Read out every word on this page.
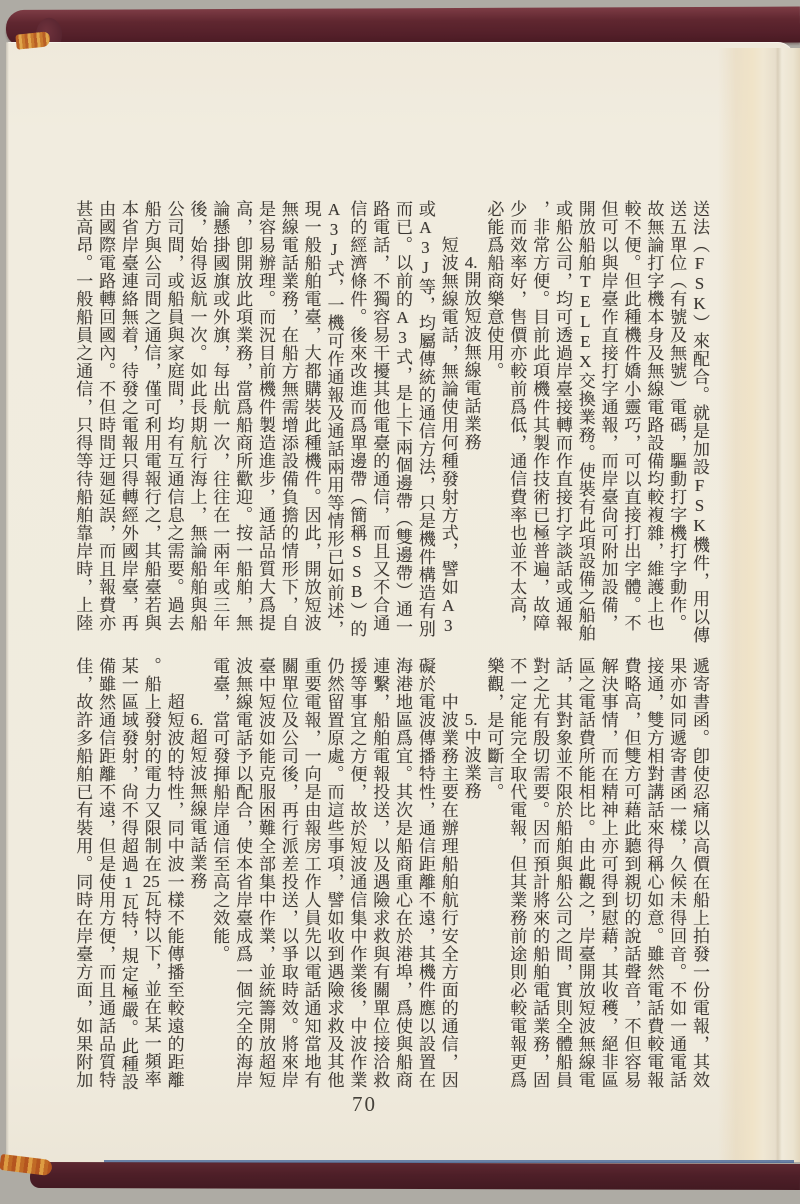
送法（FSK）來配合。就是加設FSK機件，用以傳
送五單位（有號及無號）電碼，驅動打字機打字動作。
故無論打字機本身及無線電路設備均較複雜，維護上也
較不便。但此種機件嬌小靈巧，可以直接打出字體。不
但可以與岸臺作直接打字通報，而岸臺尙可附加設備，
開放船舶TELEX交換業務。使裝有此項設備之船舶
或船公司，均可透過岸臺接轉而作直接打字談話或通報
，非常方便。目前此項機件其製作技術已極普遍，故障
少而效率好，售價亦較前爲低，通信費率也並不太高，
必能爲船商樂意使用。
4.開放短波無線電話業務
短波無線電話，無論使用何種發射方式，譬如A3
或A3J等，均屬傳統的通信方法，只是機件構造有別
而已。以前的A3式，是上下兩個邊帶（雙邊帶）通一
路電話，不獨容易干擾其他電臺的通信，而且又不合通
信的經濟條件。後來改進而爲單邊帶（簡稱SSB）的
A3J式，一機可作通報及通話兩用等情形已如前述，
現一般船舶電臺，大都購裝此種機件。因此，開放短波
無線電話業務，在船方無需增添設備負擔的情形下，自
是容易辦理。而況目前機件製造進步，通話品質大爲提
高，卽開放此項業務，當爲船商所歡迎。按一船舶，無
論懸掛國旗或外旗，每出航一次，往往在一兩年或三年
後，始得返航一次。如此長期航行海上，無論船舶與船
公司間，或船員與家庭間，均有互通信息之需要。過去
船方與公司間之通信，僅可利用電報行之，其船臺若與
本省岸臺連絡無着，待發之電報只得轉經外國岸臺，再
由國際電路轉回國內。不但時間迂廻延誤，而且報費亦
甚高昂。一般船員之通信，只得等待船舶靠岸時，上陸
遞寄書函。卽使忍痛以高價在船上拍發一份電報，其效
果亦如同遞寄書函一樣，久候未得回音。不如一通電話
接通，雙方相對講話來得稱心如意。雖然電話費較電報
費略高，但雙方可藉此聽到親切的說話聲音，不但容易
解決事情，而在精神上亦可得到慰藉，其收穫，絕非區
區之電話費所能相比。由此觀之，岸臺開放短波無線電
話，其對象並不限於船舶與船公司之間，實則全體船員
對之尤有殷切需要。因而預計將來的船舶電話業務，固
不一定能完全取代電報，但其業務前途則必較電報更爲
樂觀，是可斷言。
5.中波業務
中波業務主要在辦理船舶航行安全方面的通信，因
礙於電波傳播特性，通信距離不遠，其機件應以設置在
海港地區爲宜。其次是船商重心在於港埠，爲使與船商
連繫，船舶電報投送，以及遇險求救與有關單位接洽救
援等事宜之方便，故於短波通信集中作業後，中波作業
仍然留置原處。而這些事項，譬如收到遇險求救及其他
重要電報，一向是由報房工作人員先以電話通知當地有
關單位及公司後，再行派差投送，以爭取時效。將來岸
臺中短波如能克服困難全部集中作業，並統籌開放超短
波無線電話予以配合，使本省岸臺成爲一個完全的海岸
電臺，當可發揮船岸通信至高之效能。
6.超短波無線電話業務
超短波的特性，同中波一樣不能傳播至較遠的距離
。船上發射的電力又限制在25瓦特以下，並在某一頻率
某一區域發射，尙不得超過1瓦特，規定極嚴。此種設
備雖然通信距離不遠，但是使用方便，而且通話品質特
佳，故許多船舶已有裝用。同時在岸臺方面，如果附加
70
